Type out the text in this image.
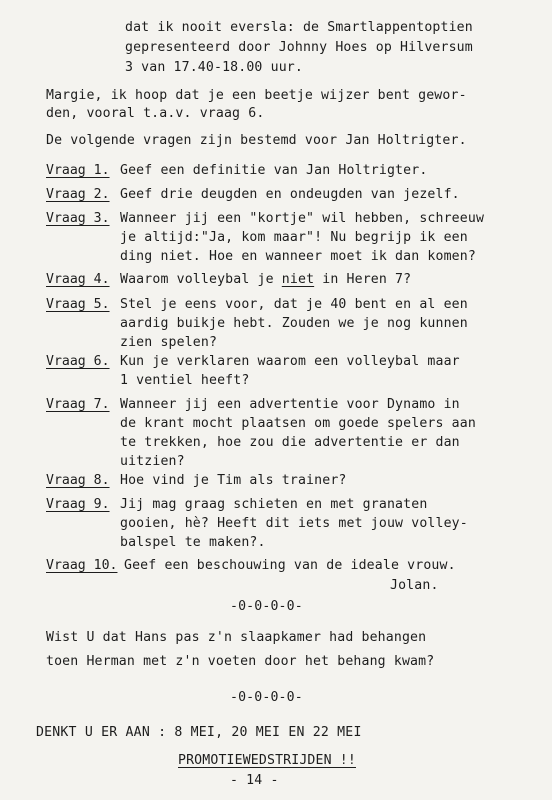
dat ik nooit eversla: de Smartlappentoptien
gepresenteerd door Johnny Hoes op Hilversum
3 van 17.40-18.00 uur.
Margie, ik hoop dat je een beetje wijzer bent gewor-
den, vooral t.a.v. vraag 6.
De volgende vragen zijn bestemd voor Jan Holtrigter.
Vraag 1. Geef een definitie van Jan Holtrigter.
Vraag 2. Geef drie deugden en ondeugden van jezelf.
Vraag 3. Wanneer jij een "kortje" wil hebben, schreeuw
je altijd:"Ja, kom maar"! Nu begrijp ik een
ding niet. Hoe en wanneer moet ik dan komen?
Vraag 4. Waarom volleybal je niet in Heren 7?
Vraag 5. Stel je eens voor, dat je 40 bent en al een
aardig buikje hebt. Zouden we je nog kunnen
zien spelen?
Vraag 6. Kun je verklaren waarom een volleybal maar
1 ventiel heeft?
Vraag 7. Wanneer jij een advertentie voor Dynamo in
de krant mocht plaatsen om goede spelers aan
te trekken, hoe zou die advertentie er dan
uitzien?
Vraag 8. Hoe vind je Tim als trainer?
Vraag 9. Jij mag graag schieten en met granaten
gooien, hè? Heeft dit iets met jouw volley-
balspel te maken?.
Vraag 10. Geef een beschouwing van de ideale vrouw.
Jolan.
-0-0-0-0-
Wist U dat Hans pas z'n slaapkamer had behangen
toen Herman met z'n voeten door het behang kwam?
-0-0-0-0-
DENKT U ER AAN : 8 MEI, 20 MEI EN 22 MEI
PROMOTIEWEDSTRIJDEN !!
- 14 -
